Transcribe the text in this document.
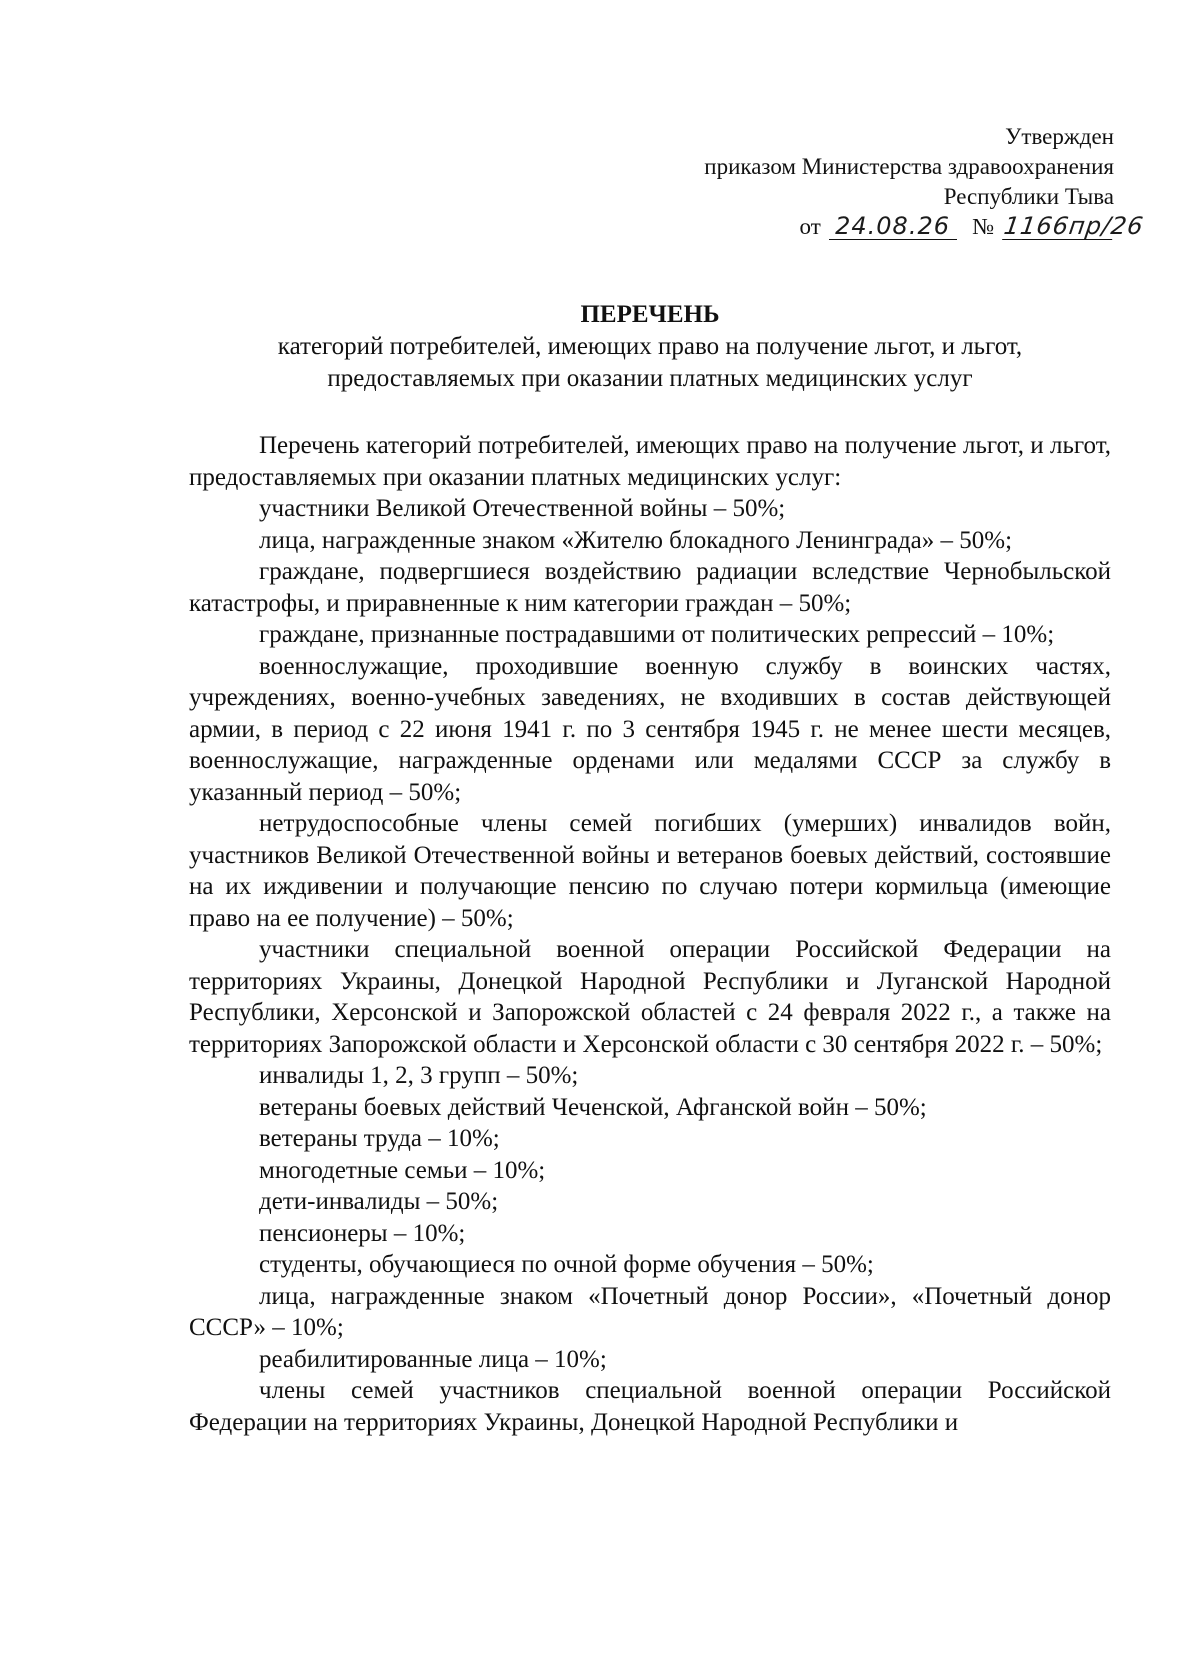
Утвержден
приказом Министерства здравоохранения
Республики Тыва
от 24.08.26 № 1166пр/26
ПЕРЕЧЕНЬ
категорий потребителей, имеющих право на получение льгот, и льгот,
предоставляемых при оказании платных медицинских услуг

Перечень категорий потребителей, имеющих право на получение льгот, и льгот, предоставляемых при оказании платных медицинских услуг:

участники Великой Отечественной войны – 50%;

лица, награжденные знаком «Жителю блокадного Ленинграда» – 50%;

граждане, подвергшиеся воздействию радиации вследствие Чернобыльской катастрофы, и приравненные к ним категории граждан – 50%;

граждане, признанные пострадавшими от политических репрессий – 10%;

военнослужащие, проходившие военную службу в воинских частях, учреждениях, военно-учебных заведениях, не входивших в состав действующей армии, в период с 22 июня 1941 г. по 3 сентября 1945 г. не менее шести месяцев, военнослужащие, награжденные орденами или медалями СССР за службу в указанный период – 50%;

нетрудоспособные члены семей погибших (умерших) инвалидов войн, участников Великой Отечественной войны и ветеранов боевых действий, состоявшие на их иждивении и получающие пенсию по случаю потери кормильца (имеющие право на ее получение) – 50%;

участники специальной военной операции Российской Федерации на территориях Украины, Донецкой Народной Республики и Луганской Народной Республики, Херсонской и Запорожской областей с 24 февраля 2022 г., а также на территориях Запорожской области и Херсонской области с 30 сентября 2022 г. – 50%;

инвалиды 1, 2, 3 групп – 50%;

ветераны боевых действий Чеченской, Афганской войн – 50%;

ветераны труда – 10%;

многодетные семьи – 10%;

дети-инвалиды – 50%;

пенсионеры – 10%;

студенты, обучающиеся по очной форме обучения – 50%;

лица, награжденные знаком «Почетный донор России», «Почетный донор СССР» – 10%;

реабилитированные лица – 10%;

члены семей участников специальной военной операции Российской Федерации на территориях Украины, Донецкой Народной Республики и
